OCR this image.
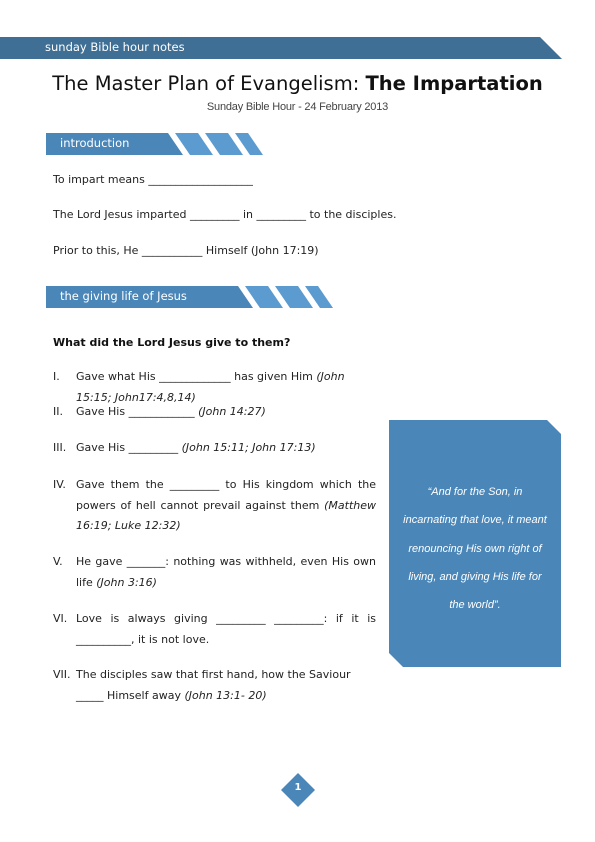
sunday Bible hour notes
The Master Plan of Evangelism: The Impartation
Sunday Bible Hour - 24 February 2013
introduction
To impart means ___________________
The Lord Jesus imparted _________ in _________ to the disciples.
Prior to this, He ___________ Himself (John 17:19)
the giving life of Jesus
What did the Lord Jesus give to them?
I. Gave what His _____________ has given Him (John 15:15; John17:4,8,14)
II. Gave His ____________ (John 14:27)
III. Gave His _________ (John 15:11; John 17:13)
IV. Gave them the _________ to His kingdom which the powers of hell cannot prevail against them (Matthew 16:19; Luke 12:32)
V. He gave _______: nothing was withheld, even His own life (John 3:16)
VI. Love is always giving _________ _________: if it is __________, it is not love.
VII. The disciples saw that first hand, how the Saviour _____ Himself away (John 13:1- 20)
“And for the Son, in incarnating that love, it meant renouncing His own right of living, and giving His life for the world”.
1
